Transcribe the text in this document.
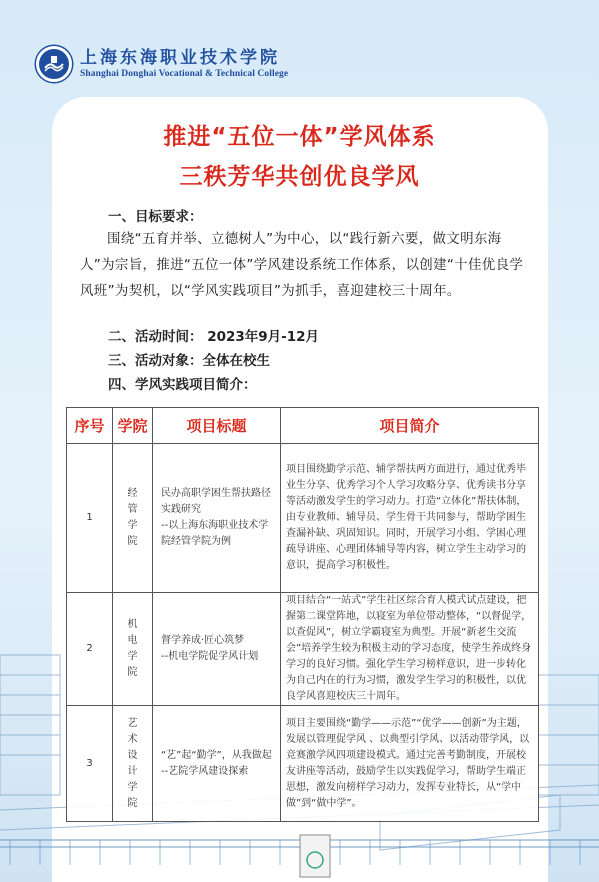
上海东海职业技术学院
Shanghai Donghai Vocational & Technical College
推进“五位一体”学风体系
三秩芳华共创优良学风
一、目标要求：
围绕“五育并举、立德树人”为中心，以“践行新六要，做文明东海人”为宗旨，推进“五位一体”学风建设系统工作体系，以创建“十佳优良学风班”为契机，以“学风实践项目”为抓手，喜迎建校三十周年。
二、活动时间： 2023年9月-12月
三、活动对象：全体在校生
四、学风实践项目简介：
序号	学院	项目标题	项目简介
1	经管学院	民办高职学困生帮扶路径实践研究
--以上海东海职业技术学院经管学院为例	项目围绕勤学示范、辅学帮扶两方面进行，通过优秀毕业生分享、优秀学习个人学习攻略分享、优秀读书分享等活动激发学生的学习动力。打造“立体化”帮扶体制，由专业教师、辅导员、学生骨干共同参与，帮助学困生查漏补缺、巩固知识。同时，开展学习小组、学困心理疏导讲座、心理团体辅导等内容，树立学生主动学习的意识，提高学习积极性。
2	机电学院	督学养成·匠心筑梦
--机电学院促学风计划	项目结合“一站式”学生社区综合育人模式试点建设，把握第二课堂阵地，以寝室为单位带动整体，“以督促学，以查促风”，树立学霸寝室为典型。开展“新老生交流会”培养学生较为积极主动的学习态度，使学生养成终身学习的良好习惯。强化学生学习榜样意识，进一步转化为自己内在的行为习惯，激发学生学习的积极性，以优良学风喜迎校庆三十周年。
3	艺术设计学院	“艺”起“勤学”，从我做起
--艺院学风建设探索	项目主要围绕“勤学——示范”“优学——创新”为主题，发展以管理促学风 、以典型引学风、以活动带学风，以竞赛激学风四项建设模式。通过完善考勤制度，开展校友讲座等活动，鼓励学生以实践促学习，帮助学生端正思想，激发向榜样学习动力，发挥专业特长，从“学中做”到“做中学”。
